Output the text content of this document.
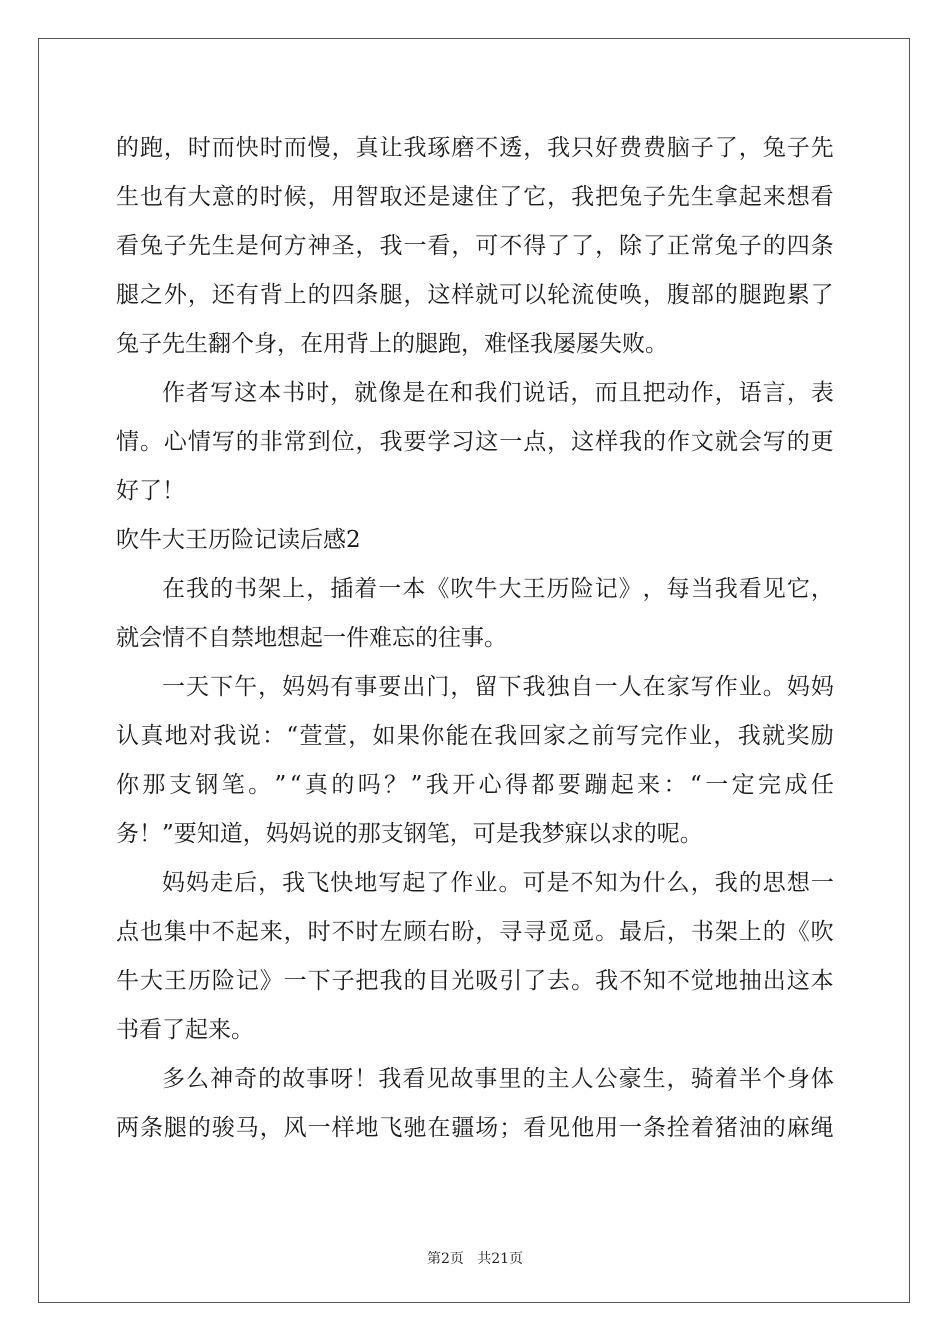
的 跑 ， 时 而 快 时 而 慢 ， 真 让 我 琢 磨 不 透 ， 我 只 好 费 费 脑 子 了 ， 兔 子 先
生 也 有 大 意 的 时 候 ， 用 智 取 还 是 逮 住 了 它 ， 我 把 兔 子 先 生 拿 起 来 想 看
看 兔 子 先 生 是 何 方 神 圣 ， 我 一 看 ， 可 不 得 了 了 ， 除 了 正 常 兔 子 的 四 条
腿 之 外 ， 还 有 背 上 的 四 条 腿 ， 这 样 就 可 以 轮 流 使 唤 ， 腹 部 的 腿 跑 累 了
兔子先生翻个身，在用背上的腿跑，难怪我屡屡失败。
作 者 写 这 本 书 时 ， 就 像 是 在 和 我 们 说 话 ， 而 且 把 动 作 ， 语 言 ， 表
情 。 心 情 写 的 非 常 到 位 ， 我 要 学 习 这 一 点 ， 这 样 我 的 作 文 就 会 写 的 更
好了！
吹牛大王历险记读后感2
在 我 的 书 架 上 ， 插 着 一 本 《 吹 牛 大 王 历 险 记 》 ， 每 当 我 看 见 它 ，
就会情不自禁地想起一件难忘的往事。
一 天 下 午 ， 妈 妈 有 事 要 出 门 ， 留 下 我 独 自 一 人 在 家 写 作 业 。 妈 妈
认 真 地 对 我 说 ： “ 萱 萱 ， 如 果 你 能 在 我 回 家 之 前 写 完 作 业 ， 我 就 奖 励
你 那 支 钢 笔 。 ” “ 真 的 吗 ？ ” 我 开 心 得 都 要 蹦 起 来 ： “ 一 定 完 成 任
务！”要知道，妈妈说的那支钢笔，可是我梦寐以求的呢。
妈 妈 走 后 ， 我 飞 快 地 写 起 了 作 业 。 可 是 不 知 为 什 么 ， 我 的 思 想 一
点 也 集 中 不 起 来 ， 时 不 时 左 顾 右 盼 ， 寻 寻 觅 觅 。 最 后 ， 书 架 上 的 《 吹
牛 大 王 历 险 记 》 一 下 子 把 我 的 目 光 吸 引 了 去 。 我 不 知 不 觉 地 抽 出 这 本
书看了起来。
多 么 神 奇 的 故 事 呀 ！ 我 看 见 故 事 里 的 主 人 公 豪 生 ， 骑 着 半 个 身 体
两 条 腿 的 骏 马 ， 风 一 样 地 飞 驰 在 疆 场 ； 看 见 他 用 一 条 拴 着 猪 油 的 麻 绳
第2页   共21页
